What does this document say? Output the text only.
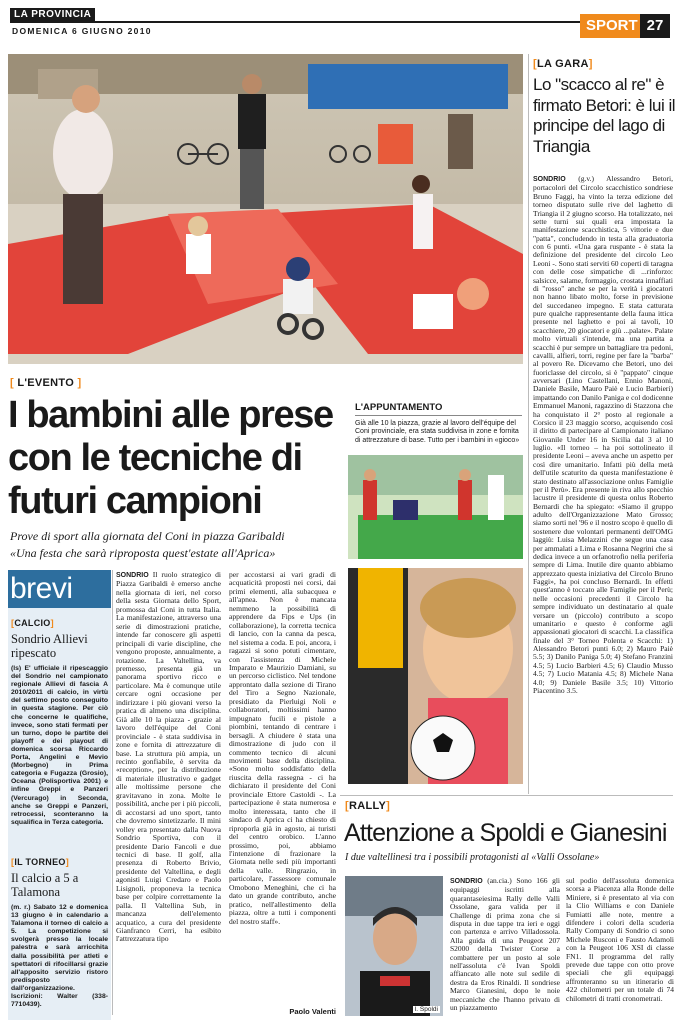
LA PROVINCIA
DOMENICA 6 GIUGNO 2010	SPORT 27
[ L'EVENTO ]
I bambini alle prese con le tecniche di futuri campioni
Prove di sport alla giornata del Coni in piazza Garibaldi
«Una festa che sarà riproposta quest'estate all'Aprica»
L'APPUNTAMENTO
Già alle 10 la piazza, grazie al lavoro dell'équipe del Coni provinciale, era stata suddivisa in zone e fornita di attrezzature di base. Tutto per i bambini in «gioco»
brevi
[CALCIO]
Sondrio Allievi ripescato
(ls) E' ufficiale il ripescaggio del Sondrio nel campionato regionale Allievi di fascia A 2010/2011 di calcio, in virtù del settimo posto conseguito in questa stagione. Per ciò che concerne le qualifiche, invece, sono stati fermati per un turno, dopo le partite dei playoff e dei playout di domenica scorsa Riccardo Porta, Angelini e Mevio (Morbegno) in Prima categoria e Fugazza (Grosio), Oceana (Polisportiva 2001) e infine Greppi e Panzeri (Vercurago) in Seconda, anche se Greppi e Panzeri, retrocessi, sconteranno la squalifica in Terza categoria.
[IL TORNEO]
Il calcio a 5 a Talamona
(m. r.) Sabato 12 e domenica 13 giugno è in calendario a Talamona il torneo di calcio a 5. La competizione si svolgerà presso la locale palestra e sarà arricchita dalla possibilità per atleti e spettatori di rifocillarsi grazie all'apposito servizio ristoro predisposto dall'organizzazione. Iscrizioni: Walter (338-7710439).
SONDRIO Il ruolo strategico di Piazza Garibaldi è emerso anche nella giornata di ieri, nel corso della sesta Giornata dello Sport, promossa dal Coni in tutta Italia. La manifestazione, attraverso una serie di dimostrazioni pratiche, intende far conoscere gli aspetti principali di varie discipline, che vengono proposte, annualmente, a rotazione. La Valtellina, va premesso, presenta già un panorama sportivo ricco e particolare. Ma è comunque utile cercare ogni occasione per indirizzare i più giovani verso la pratica di almeno una disciplina. Già alle 10 la piazza - grazie al lavoro dell'équipe del Coni provinciale - è stata suddivisa in zone e fornita di attrezzature di base. La struttura più ampia, un recinto gonfiabile, è servita da «reception», per la distribuzione di materiale illustrativo e gadget alle moltissime persone che gravitavano in zona. Molte le possibilità, anche per i più piccoli, di accostarsi ad uno sport, tanto che dovremo sintetizzarle. Il mini volley era presentato dalla Nuova Sondrio Sportiva, con il presidente Dario Fancoli e due tecnici di base. Il golf, alla presenza di Roberto Brivio, presidente del Valtellina, e degli agonisti Luigi Credaro e Paolo Lisignoli, proponeva la tecnica base per colpire correttamente la palla. Il Valtellina Sub, in mancanza dell'elemento acquatico, a cura del presidente Gianfranco Cerri, ha esibito l'attrezzatura tipo
per accostarsi ai vari gradi di acquaticità proposti nei corsi, dai primi elementi, alla subacquea e all'apnea. Non è mancata nemmeno la possibilità di apprendere da Fips e Ups (in collaborazione), la corretta tecnica di lancio, con la canna da pesca, nel sistema a coda. E poi, ancora, i ragazzi si sono potuti cimentare, con l'assistenza di Michele Imparato e Maurizio Damiani, su un percorso ciclistico. Nel tendone approntato dalla sezione di Tirano del Tiro a Segno Nazionale, presidiato da Pierluigi Noli e collaboratori, moltissimi hanno impugnato fucili e pistole a piombini, tentando di centrare i bersagli. A chiudere è stata una dimostrazione di judo con il commento tecnico di alcuni movimenti base della disciplina. «Sono molto soddisfatto della riuscita della rassegna - ci ha dichiarato il presidente del Coni provinciale Ettore Castoldi -. La partecipazione è stata numerosa e molto interessata, tanto che il sindaco di Aprica ci ha chiesto di riproporla già in agosto, ai turisti del centro orobico. L'anno prossimo, poi, abbiamo l'intenzione di frazionare la Giornata nelle sedi più importanti della valle. Ringrazio, in particolare, l'assessore comunale Omobono Meneghini, che ci ha dato un grande contributo, anche pratico, nell'allestimento della piazza, oltre a tutti i componenti del nostro staff».
Paolo Valenti
[LA GARA]
Lo "scacco al re" è firmato Betori: è lui il principe del lago di Triangia
SONDRIO (g.v.) Alessandro Betori, portacolori del Circolo scacchistico sondriese Bruno Faggi, ha vinto la terza edizione del torneo disputato sulle rive del laghetto di Triangia il 2 giugno scorso. Ha totalizzato, nei sette turni sui quali era impostata la manifestazione scacchistica, 5 vittorie e due "patta", concludendo in testa alla graduatoria con 6 punti. «Una gara ruspante - è stata la definizione del presidente del circolo Leo Leoni -. Sono stati serviti 60 coperti di taragna con delle cose simpatiche di ...rinforzo: salsicce, salame, formaggio, crostata innaffiati di "rosso" anche se per la verità i giocatori non hanno libato molto, forse in previsione del succedaneo impegno. E stata catturata pure qualche rappresentante della fauna ittica presente nel laghetto e poi ai tavoli, 10 scacchiere, 20 giocatori e giù ...palate». Palate molto virtuali s'intende, ma una partita a scacchi è pur sempre un battagliare tra pedoni, cavalli, alfieri, torri, regine per fare la "barba" al povero Re. Dicevamo che Betori, uno dei fuoriclasse del circolo, si è "pappato" cinque avversari (Lino Castellani, Ennio Manoni, Daniele Basile, Mauro Paiè e Lucio Barbieri) impattando con Danilo Paniga e col dodicenne Emmanuel Manoni, ragazzino di Stazzona che ha conquistato il 2° posto al regionale a Corsico il 23 maggio scorso, acquisendo così il diritto di partecipare al Campionato italiano Giovanile Under 16 in Sicilia dal 3 al 10 luglio. «Il torneo – ha poi sottolineato il presidente Leoni – aveva anche un aspetto per così dire umanitario. Infatti più della metà dell'utile scaturito da questa manifestazione è stato destinato all'associazione onlus Famiglie per il Perù». Era presente in riva allo specchio lacustre il presidente di questa onlus Roberto Bernardi che ha spiegato: «Siamo il gruppo adulto dell'Organizzazione Mato Grosso; siamo sorti nel '96 e il nostro scopo è quello di sostenere due volontari permanenti dell'OMG laggiù: Luisa Melazzini che segue una casa per ammalati a Lima e Rosanna Negrini che si dedica invece a un orfanotrofio nella periferia sempre di Lima. Inutile dire quanto abbiamo apprezzato questa iniziativa del Circolo Bruno Faggi», ha poi concluso Bernardi. In effetti quest'anno è toccato alle Famiglie per il Perù; nelle occasioni precedenti il Circolo ha sempre individuato un destinatario al quale versare un (piccolo) contributo a scopo umanitario e questo è conforme agli appassionati giocatori di scacchi. La classifica finale del 3° Torneo Polenta e Scacchi: 1) Alessandro Betori punti 6.0; 2) Mauro Paiè 5.5; 3) Danilo Paniga 5.0; 4) Stefano Franzini 4.5; 5) Lucio Barbieri 4.5; 6) Claudio Musso 4.5; 7) Lucio Matania 4.5; 8) Michele Nana 4.0; 9) Daniele Basile 3.5; 10) Vittorio Piacentino 3.5.
[RALLY]
Attenzione a Spoldi e Gianesini
I due valtellinesi tra i possibili protagonisti al «Valli Ossolane»
I. Spoldi
SONDRIO (an.cia.) Sono 166 gli equipaggi iscritti alla quarantaseiesima Rally delle Valli Ossolane, gara valida per il Challenge di prima zona che si disputa in due tappe tra ieri e oggi con partenza e arrivo Villadossola. Alla guida di una Peugeot 207 S2000 della Twister Corse a combattere per un posto al sole nell'assoluta c'è Ivan Spoldi affiancato alle note sul sedile di destra da Eros Rinaldi. Il sondriese Marco Gianesini, dopo le noie meccaniche che l'hanno privato di un piazzamento
sul podio dell'assoluta domenica scorsa a Piacenza alla Ronde delle Miniere, si è presentato al via con la Clio Williams e con Daniele Fumiatti alle note, mentre a difendere i colori della scuderia Rally Company di Sondrio ci sono Michele Rusconi e Fausto Adamoli con la Peugeot 106 XSI di classe FN1. Il programma del rally prevede due tappe con otto prove speciali che gli equipaggi affronteranno su un itinerario di 422 chilometri per un totale di 74 chilometri di tratti cronometrati.
